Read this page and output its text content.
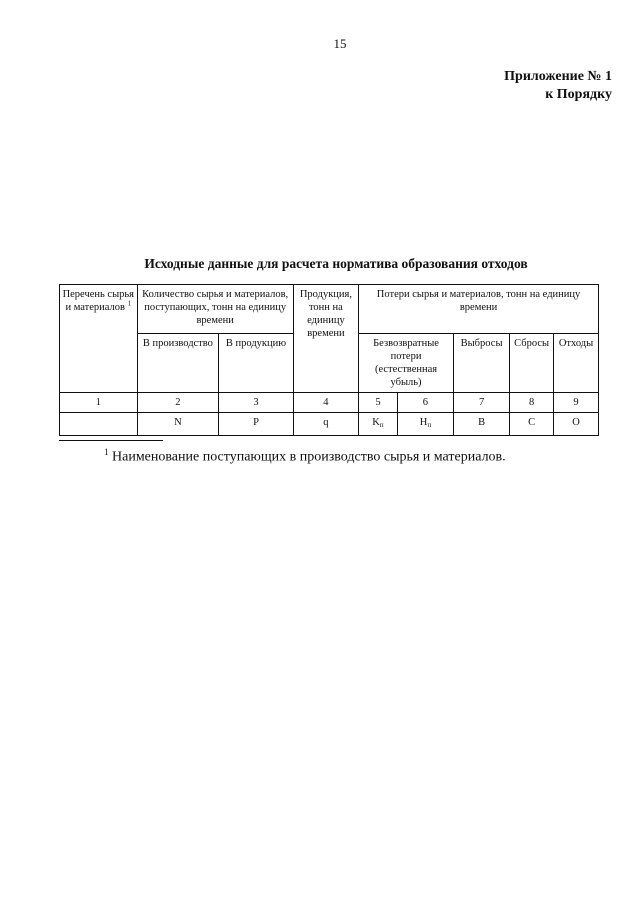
15
Приложение № 1
к Порядку
Исходные данные для расчета норматива образования отходов
Перечень сырья и материалов $^1$	Количество сырья и материалов, поступающих, тонн на единицу времени		Продукция, тонн на единицу времени	Потери сырья и материалов, тонн на единицу времени				
	В производство	В продукцию		Безвозвратные потери (естественная убыль)		Выбросы	Сбросы	Отходы
1	2	3	4	5	6	7	8	9
	N	P	q	$K_п$	$H_п$	В	С	О
$^1$ Наименование поступающих в производство сырья и материалов.
